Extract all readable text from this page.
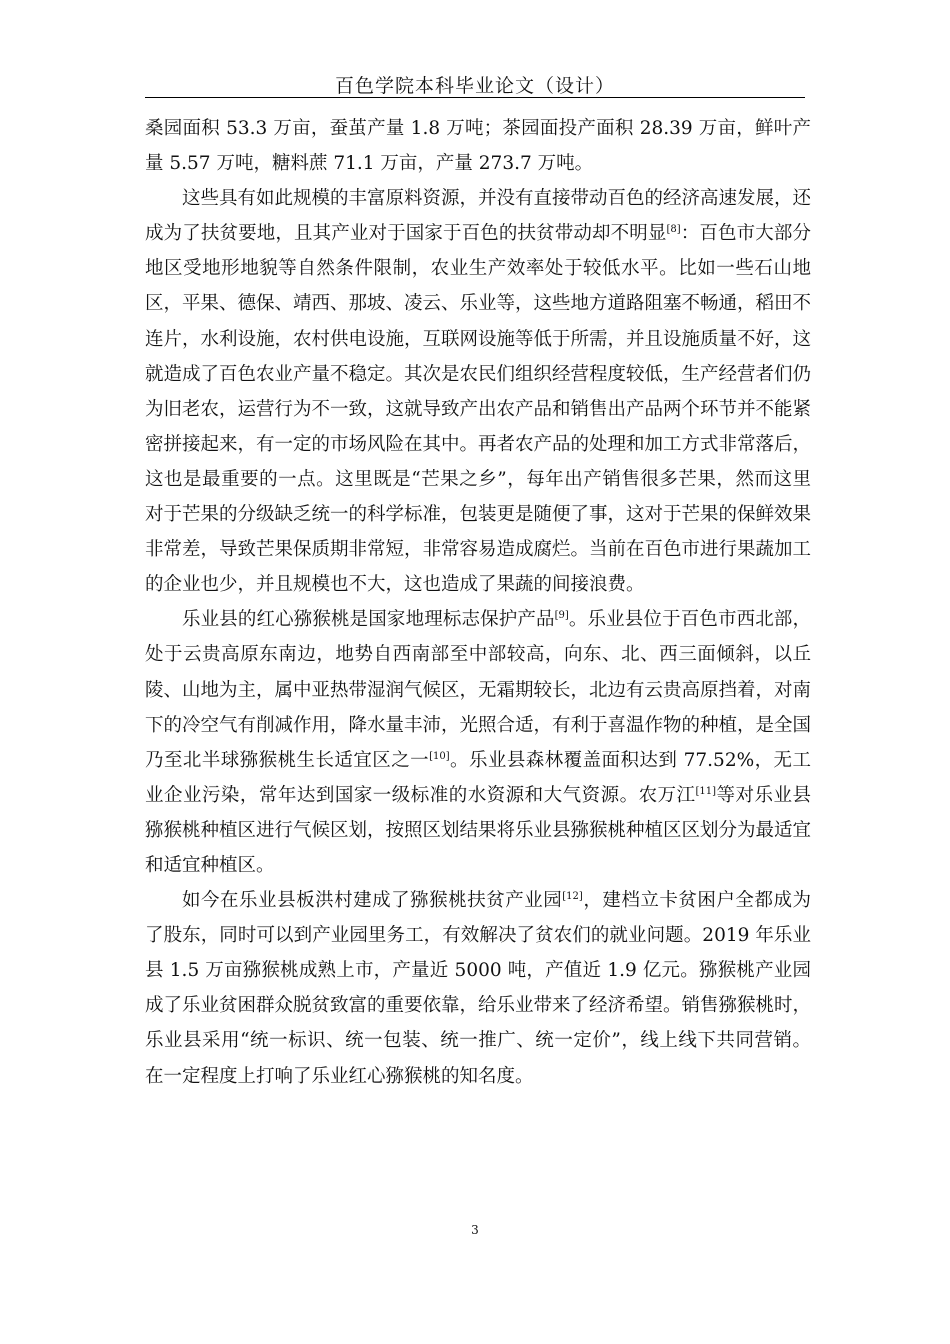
百色学院本科毕业论文（设计）

桑园面积 53.3 万亩，蚕茧产量 1.8 万吨；茶园面投产面积 28.39 万亩，鲜叶产量 5.57 万吨，糖料蔗 71.1 万亩，产量 273.7 万吨。

这些具有如此规模的丰富原料资源，并没有直接带动百色的经济高速发展，还成为了扶贫要地，且其产业对于国家于百色的扶贫带动却不明显[8]：百色市大部分地区受地形地貌等自然条件限制，农业生产效率处于较低水平。比如一些石山地区，平果、德保、靖西、那坡、凌云、乐业等，这些地方道路阻塞不畅通，稻田不连片，水利设施，农村供电设施，互联网设施等低于所需，并且设施质量不好，这就造成了百色农业产量不稳定。其次是农民们组织经营程度较低，生产经营者们仍为旧老农，运营行为不一致，这就导致产出农产品和销售出产品两个环节并不能紧密拼接起来，有一定的市场风险在其中。再者农产品的处理和加工方式非常落后，这也是最重要的一点。这里既是“芒果之乡”，每年出产销售很多芒果，然而这里对于芒果的分级缺乏统一的科学标准，包装更是随便了事，这对于芒果的保鲜效果非常差，导致芒果保质期非常短，非常容易造成腐烂。当前在百色市进行果蔬加工的企业也少，并且规模也不大，这也造成了果蔬的间接浪费。

乐业县的红心猕猴桃是国家地理标志保护产品[9]。乐业县位于百色市西北部，处于云贵高原东南边，地势自西南部至中部较高，向东、北、西三面倾斜，以丘陵、山地为主，属中亚热带湿润气候区，无霜期较长，北边有云贵高原挡着，对南下的冷空气有削减作用，降水量丰沛，光照合适，有利于喜温作物的种植，是全国乃至北半球猕猴桃生长适宜区之一[10]。乐业县森林覆盖面积达到 77.52%，无工业企业污染，常年达到国家一级标准的水资源和大气资源。农万江[11]等对乐业县猕猴桃种植区进行气候区划，按照区划结果将乐业县猕猴桃种植区区划分为最适宜和适宜种植区。

如今在乐业县板洪村建成了猕猴桃扶贫产业园[12]，建档立卡贫困户全都成为了股东，同时可以到产业园里务工，有效解决了贫农们的就业问题。2019 年乐业县 1.5 万亩猕猴桃成熟上市，产量近 5000 吨，产值近 1.9 亿元。猕猴桃产业园成了乐业贫困群众脱贫致富的重要依靠，给乐业带来了经济希望。销售猕猴桃时，乐业县采用“统一标识、统一包装、统一推广、统一定价”，线上线下共同营销。在一定程度上打响了乐业红心猕猴桃的知名度。

3
